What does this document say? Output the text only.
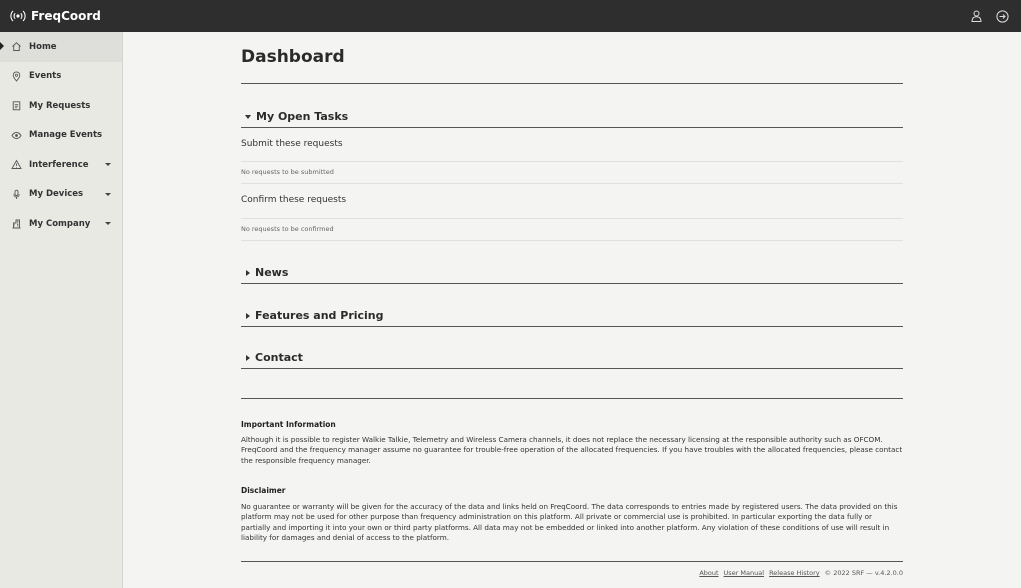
FreqCoord
Home
Events
My Requests
Manage Events
Interference
My Devices
My Company
Dashboard
My Open Tasks
Submit these requests
No requests to be submitted
Confirm these requests
No requests to be confirmed
News
Features and Pricing
Contact
Important Information
Although it is possible to register Walkie Talkie, Telemetry and Wireless Camera channels, it does not replace the necessary licensing at the responsible authority such as OFCOM. FreqCoord and the frequency manager assume no guarantee for trouble-free operation of the allocated frequencies. If you have troubles with the allocated frequencies, please contact the responsible frequency manager.
Disclaimer
No guarantee or warranty will be given for the accuracy of the data and links held on FreqCoord. The data corresponds to entries made by registered users. The data provided on this platform may not be used for other purpose than frequency administration on this platform. All private or commercial use is prohibited. In particular exporting the data fully or partially and importing it into your own or third party platforms. All data may not be embedded or linked into another platform. Any violation of these conditions of use will result in liability for damages and denial of access to the platform.
About User Manual Release History © 2022 SRF — v.4.2.0.0
